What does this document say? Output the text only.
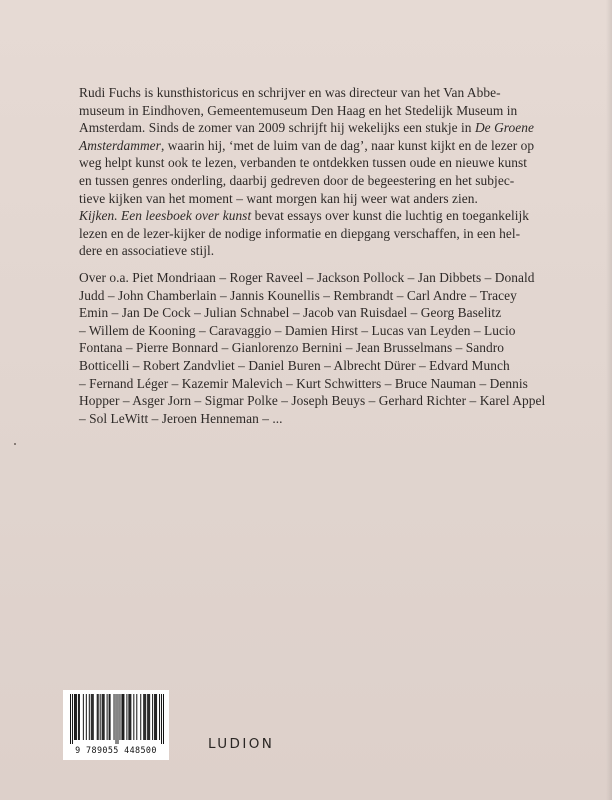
Rudi Fuchs is kunsthistoricus en schrijver en was directeur van het Van Abbe-
museum in Eindhoven, Gemeentemuseum Den Haag en het Stedelijk Museum in
Amsterdam. Sinds de zomer van 2009 schrijft hij wekelijks een stukje in De Groene
Amsterdammer, waarin hij, ‘met de luim van de dag’, naar kunst kijkt en de lezer op
weg helpt kunst ook te lezen, verbanden te ontdekken tussen oude en nieuwe kunst
en tussen genres onderling, daarbij gedreven door de begeestering en het subjec-
tieve kijken van het moment – want morgen kan hij weer wat anders zien.
Kijken. Een leesboek over kunst bevat essays over kunst die luchtig en toegankelijk
lezen en de lezer-kijker de nodige informatie en diepgang verschaffen, in een hel-
dere en associatieve stijl.
Over o.a. Piet Mondriaan – Roger Raveel – Jackson Pollock – Jan Dibbets – Donald
Judd – John Chamberlain – Jannis Kounellis – Rembrandt – Carl Andre – Tracey
Emin – Jan De Cock – Julian Schnabel – Jacob van Ruisdael – Georg Baselitz
– Willem de Kooning – Caravaggio – Damien Hirst – Lucas van Leyden – Lucio
Fontana – Pierre Bonnard – Gianlorenzo Bernini – Jean Brusselmans – Sandro
Botticelli – Robert Zandvliet – Daniel Buren – Albrecht Dürer – Edvard Munch
– Fernand Léger – Kazemir Malevich – Kurt Schwitters – Bruce Nauman – Dennis
Hopper – Asger Jorn – Sigmar Polke – Joseph Beuys – Gerhard Richter – Karel Appel
– Sol LeWitt – Jeroen Henneman – ...
9 789055 448500	LUDION
